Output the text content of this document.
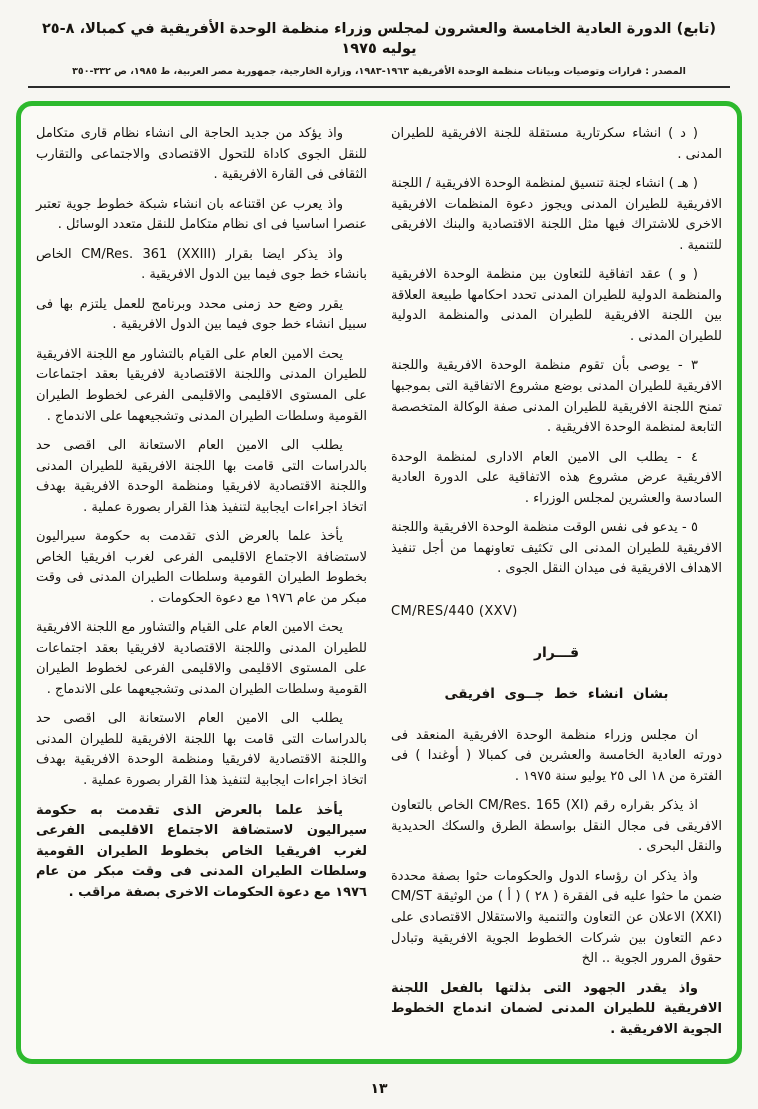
(تابع) الدورة العادية الخامسة والعشرون لمجلس وزراء منظمة الوحدة الأفريقية في كمبالا، ٨-٢٥ يوليه ١٩٧٥
المصدر : قرارات وتوصيات وبيانات منظمة الوحدة الأفريقية ١٩٦٣-١٩٨٣، وزارة الخارجية، جمهورية مصر العربية، ط ١٩٨٥، ص ٣٣٢-٣٥٠

( د ) انشاء سكرتارية مستقلة للجنة الافريقية للطيران المدنى .

( هـ ) انشاء لجنة تنسيق لمنظمة الوحدة الافريقية / اللجنة الافريقية للطيران المدنى ويجوز دعوة المنظمات الافريقية الاخرى للاشتراك فيها مثل اللجنة الاقتصادية والبنك الافريقى للتنمية .

( و ) عقد اتفاقية للتعاون بين منظمة الوحدة الافريقية والمنظمة الدولية للطيران المدنى تحدد احكامها طبيعة العلاقة بين اللجنة الافريقية للطيران المدنى والمنظمة الدولية للطيران المدنى .

٣ - يوصى بأن تقوم منظمة الوحدة الافريقية واللجنة الافريقية للطيران المدنى بوضع مشروع الاتفاقية التى بموجبها تمنح اللجنة الافريقية للطيران المدنى صفة الوكالة المتخصصة التابعة لمنظمة الوحدة الافريقية .

٤ - يطلب الى الامين العام الادارى لمنظمة الوحدة الافريقية عرض مشروع هذه الاتفاقية على الدورة العادية السادسة والعشرين لمجلس الوزراء .

٥ - يدعو فى نفس الوقت منظمة الوحدة الافريقية واللجنة الافريقية للطيران المدنى الى تكثيف تعاونهما من أجل تنفيذ الاهداف الافريقية فى ميدان النقل الجوى .

CM/RES/440 (XXV)

قـــرار

بشان انشاء خط جــوى افريقى

ان مجلس وزراء منظمة الوحدة الافريقية المنعقد فى دورته العادية الخامسة والعشرين فى كمبالا ( أوغندا ) فى الفترة من ١٨ الى ٢٥ يوليو سنة ١٩٧٥ .

اذ يذكر بقراره رقم CM/Res. 165 (XI) الخاص بالتعاون الافريقى فى مجال النقل بواسطة الطرق والسكك الحديدية والنقل البحرى .

واذ يذكر ان رؤساء الدول والحكومات حثوا بصفة محددة ضمن ما حثوا عليه فى الفقرة ( ٢٨ ) ( أ ) من الوثيقة CM/ST (XXI) الاعلان عن التعاون والتنمية والاستقلال الاقتصادى على دعم التعاون بين شركات الخطوط الجوية الافريقية وتبادل حقوق المرور الجوية .. الخ

واذ يقدر الجهود التى بذلتها بالفعل اللجنة الافريقية للطيران المدنى لضمان اندماج الخطوط الجوية الافريقية .

واذ يؤكد من جديد الحاجة الى انشاء نظام قارى متكامل للنقل الجوى كاداة للتحول الاقتصادى والاجتماعى والتقارب الثقافى فى القارة الافريقية .

واذ يعرب عن اقتناعه بان انشاء شبكة خطوط جوية تعتبر عنصرا اساسيا فى اى نظام متكامل للنقل متعدد الوسائل .

واذ يذكر ايضا بقرار CM/Res. 361 (XXIII) الخاص بانشاء خط جوى فيما بين الدول الافريقية .

يقرر وضع حد زمنى محدد وبرنامج للعمل يلتزم بها فى سبيل انشاء خط جوى فيما بين الدول الافريقية .

يحث الامين العام على القيام بالتشاور مع اللجنة الافريقية للطيران المدنى واللجنة الاقتصادية لافريقيا بعقد اجتماعات على المستوى الاقليمى والاقليمى الفرعى لخطوط الطيران القومية وسلطات الطيران المدنى وتشجيعهما على الاندماج .

يطلب الى الامين العام الاستعانة الى اقصى حد بالدراسات التى قامت بها اللجنة الافريقية للطيران المدنى واللجنة الاقتصادية لافريقيا ومنظمة الوحدة الافريقية بهدف اتخاذ اجراءات ايجابية لتنفيذ هذا القرار بصورة عملية .

يأخذ علما بالعرض الذى تقدمت به حكومة سيراليون لاستضافة الاجتماع الاقليمى الفرعى لغرب افريقيا الخاص بخطوط الطيران القومية وسلطات الطيران المدنى فى وقت مبكر من عام ١٩٧٦ مع دعوة الحكومات .

يحث الامين العام على القيام والتشاور مع اللجنة الافريقية للطيران المدنى واللجنة الاقتصادية لافريقيا بعقد اجتماعات على المستوى الاقليمى والاقليمى الفرعى لخطوط الطيران القومية وسلطات الطيران المدنى وتشجيعهما على الاندماج .

يطلب الى الامين العام الاستعانة الى اقصى حد بالدراسات التى قامت بها اللجنة الافريقية للطيران المدنى واللجنة الاقتصادية لافريقيا ومنظمة الوحدة الافريقية بهدف اتخاذ اجراءات ايجابية لتنفيذ هذا القرار بصورة عملية .

يأخذ علما بالعرض الذى تقدمت به حكومة سيراليون لاستضافة الاجتماع الاقليمى الفرعى لغرب افريقيا الخاص بخطوط الطيران القومية وسلطات الطيران المدنى فى وقت مبكر من عام ١٩٧٦ مع دعوة الحكومات الاخرى بصفة مراقب .

١٣
